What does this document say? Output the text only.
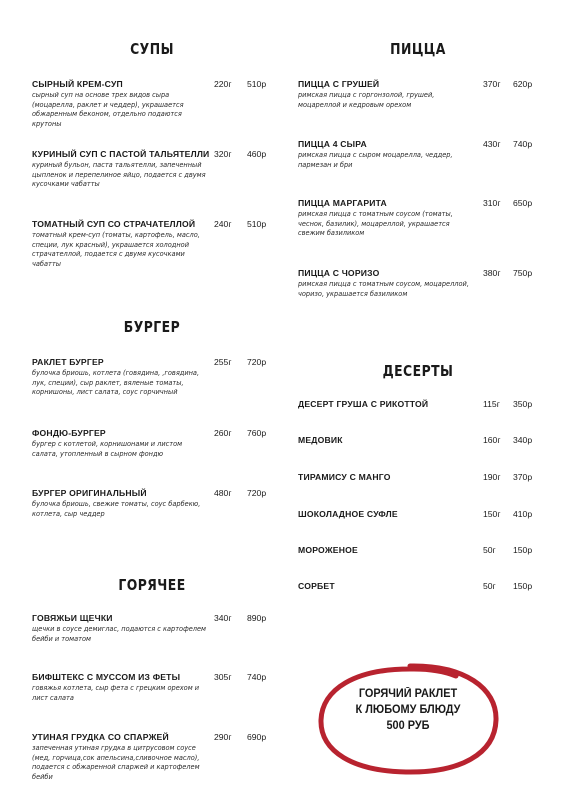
СУПЫ
СЫРНЫЙ КРЕМ-СУП	220г 510р
сырный суп на основе трех видов сыра (моцарелла, раклет и чеддер), украшается обжаренным беконом, отдельно подаются крутоны
КУРИНЫЙ СУП С ПАСТОЙ ТАЛЬЯТЕЛЛИ 320г 460р
куриный бульон, паста тальятелли, запеченный цыпленок и перепелиное яйцо, подается с двумя кусочками чабатты
ТОМАТНЫЙ СУП СО СТРАЧАТЕЛЛОЙ 240г 510р
томатный крем-суп (томаты, картофель, масло, специи, лук красный), украшается холодной страчателлой, подается с двумя кусочками чабатты
БУРГЕР
РАКЛЕТ БУРГЕР	255г 720р
булочка бриошь, котлета (говядина, ,говядина, лук, специи), сыр раклет, вяленые томаты, корнишоны, лист салата, соус горчичный
ФОНДЮ-БУРГЕР	260г 760р
бургер с котлетой, корнишонами и листом салата, утопленный в сырном фондю
БУРГЕР ОРИГИНАЛЬНЫЙ	480г 720р
булочка бриошь, свежие томаты, соус барбекю, котлета, сыр чеддер
ГОРЯЧЕЕ
ГОВЯЖЬИ ЩЕЧКИ	340г 890р
щечки в соусе демиглас, подаются с картофелем бейби и томатом
БИФШТЕКС С МУССОМ ИЗ ФЕТЫ	305г 740р
говяжья котлета, сыр фета с грецким орехом и лист салата
УТИНАЯ ГРУДКА СО СПАРЖЕЙ	290г 690р
запеченная утиная грудка в цитрусовом соусе (мед, горчица,сок апельсина,сливочное масло), подается с обжаренной спаржей и картофелем бейби
ПИЦЦА
ПИЦЦА С ГРУШЕЙ	370г 620р
римская пицца с горгонзолой, грушей, моцареллой и кедровым орехом
ПИЦЦА 4 СЫРА	430г 740р
римская пицца с сыром моцарелла, чеддер, пармезан и бри
ПИЦЦА МАРГАРИТА	310г 650р
римская пицца с томатным соусом (томаты, чеснок, базилик), моцареллой, украшается свежим базиликом
ПИЦЦА С ЧОРИЗО	380г 750р
римская пицца с томатным соусом, моцареллой, чоризо, украшается базиликом
ДЕСЕРТЫ
ДЕСЕРТ ГРУША С РИКОТТОЙ	115г 350р
МЕДОВИК	160г 340р
ТИРАМИСУ С МАНГО	190г 370р
ШОКОЛАДНОЕ СУФЛЕ	150г 410р
МОРОЖЕНОЕ	50г 150р
СОРБЕТ	50г 150р
ГОРЯЧИЙ РАКЛЕТ
К ЛЮБОМУ БЛЮДУ
500 РУБ
